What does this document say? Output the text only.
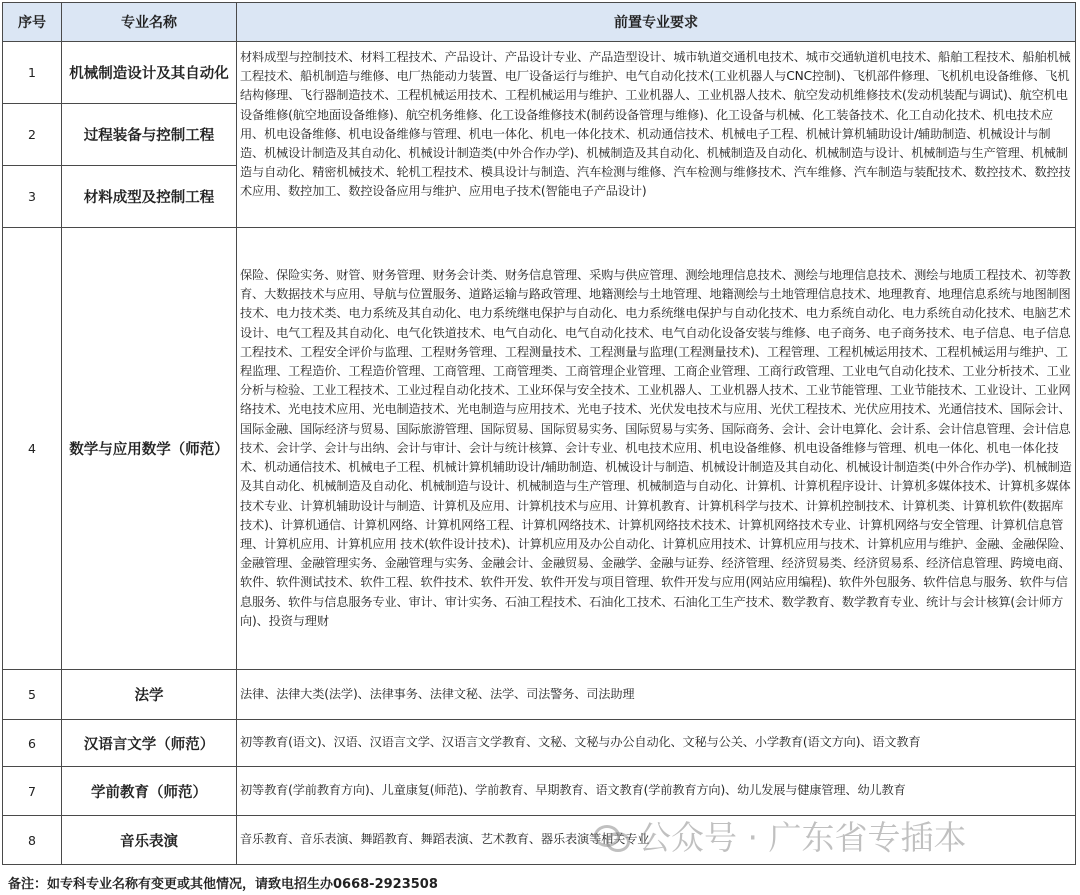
序号	专业名称	前置专业要求
1	机械制造设计及其自动化	材料成型与控制技术、材料工程技术、产品设计、产品设计专业、产品造型设计、城市轨道交通机电技术、城市交通轨道机电技术、船舶工程技术、船舶机械工程技术、船机制造与维修、电厂热能动力装置、电厂设备运行与维护、电气自动化技术(工业机器人与CNC控制)、飞机部件修理、飞机机电设备维修、飞机结构修理、飞行器制造技术、工程机械运用技术、工程机械运用与维护、工业机器人、工业机器人技术、航空发动机维修技术(发动机装配与调试)、航空机电设备维修(航空地面设备维修)、航空机务维修、化工设备维修技术(制药设备管理与维修)、化工设备与机械、化工装备技术、化工自动化技术、机电技术应用、机电设备维修、机电设备维修与管理、机电一体化、机电一体化技术、机动通信技术、机械电子工程、机械计算机辅助设计/辅助制造、机械设计与制造、机械设计制造及其自动化、机械设计制造类(中外合作办学)、机械制造及其自动化、机械制造及自动化、机械制造与设计、机械制造与生产管理、机械制造与自动化、精密机械技术、轮机工程技术、模具设计与制造、汽车检测与维修、汽车检测与维修技术、汽车维修、汽车制造与装配技术、数控技术、数控技术应用、数控加工、数控设备应用与维护、应用电子技术(智能电子产品设计)
2	过程装备与控制工程	
3	材料成型及控制工程	
4	数学与应用数学（师范）	保险、保险实务、财管、财务管理、财务会计类、财务信息管理、采购与供应管理、测绘地理信息技术、测绘与地理信息技术、测绘与地质工程技术、初等教育、大数据技术与应用、导航与位置服务、道路运输与路政管理、地籍测绘与土地管理、地籍测绘与土地管理信息技术、地理教育、地理信息系统与地图制图技术、电力技术类、电力系统及其自动化、电力系统继电保护与自动化、电力系统继电保护与自动化技术、电力系统自动化、电力系统自动化技术、电脑艺术设计、电气工程及其自动化、电气化铁道技术、电气自动化、电气自动化技术、电气自动化设备安装与维修、电子商务、电子商务技术、电子信息、电子信息工程技术、工程安全评价与监理、工程财务管理、工程测量技术、工程测量与监理(工程测量技术)、工程管理、工程机械运用技术、工程机械运用与维护、工程监理、工程造价、工程造价管理、工商管理、工商管理类、工商管理企业管理、工商企业管理、工商行政管理、工业电气自动化技术、工业分析技术、工业分析与检验、工业工程技术、工业过程自动化技术、工业环保与安全技术、工业机器人、工业机器人技术、工业节能管理、工业节能技术、工业设计、工业网络技术、光电技术应用、光电制造技术、光电制造与应用技术、光电子技术、光伏发电技术与应用、光伏工程技术、光伏应用技术、光通信技术、国际会计、国际金融、国际经济与贸易、国际旅游管理、国际贸易、国际贸易实务、国际贸易与实务、国际商务、会计、会计电算化、会计系、会计信息管理、会计信息技术、会计学、会计与出纳、会计与审计、会计与统计核算、会计专业、机电技术应用、机电设备维修、机电设备维修与管理、机电一体化、机电一体化技术、机动通信技术、机械电子工程、机械计算机辅助设计/辅助制造、机械设计与制造、机械设计制造及其自动化、机械设计制造类(中外合作办学)、机械制造及其自动化、机械制造及自动化、机械制造与设计、机械制造与生产管理、机械制造与自动化、计算机、计算机程序设计、计算机多媒体技术、计算机多媒体技术专业、计算机辅助设计与制造、计算机及应用、计算机技术与应用、计算机教育、计算机科学与技术、计算机控制技术、计算机类、计算机软件(数据库技术)、计算机通信、计算机网络、计算机网络工程、计算机网络技术、计算机网络技术技术、计算机网络技术专业、计算机网络与安全管理、计算机信息管理、计算机应用、计算机应用 技术(软件设计技术)、计算机应用及办公自动化、计算机应用技术、计算机应用与技术、计算机应用与维护、金融、金融保险、金融管理、金融管理实务、金融管理与实务、金融会计、金融贸易、金融学、金融与证券、经济管理、经济贸易类、经济贸易系、经济信息管理、跨境电商、软件、软件测试技术、软件工程、软件技术、软件开发、软件开发与项目管理、软件开发与应用(网站应用编程)、软件外包服务、软件信息与服务、软件与信息服务、软件与信息服务专业、审计、审计实务、石油工程技术、石油化工技术、石油化工生产技术、数学教育、数学教育专业、统计与会计核算(会计师方向)、投资与理财
5	法学	法律、法律大类(法学)、法律事务、法律文秘、法学、司法警务、司法助理
6	汉语言文学（师范）	初等教育(语文)、汉语、汉语言文学、汉语言文学教育、文秘、文秘与办公自动化、文秘与公关、小学教育(语文方向)、语文教育
7	学前教育（师范）	初等教育(学前教育方向)、儿童康复(师范)、学前教育、早期教育、语文教育(学前教育方向)、幼儿发展与健康管理、幼儿教育
8	音乐表演	音乐教育、音乐表演、舞蹈教育、舞蹈表演、艺术教育、器乐表演等相关专业
公众号 · 广东省专插本
备注：如专科专业名称有变更或其他情况，请致电招生办0668-2923508
